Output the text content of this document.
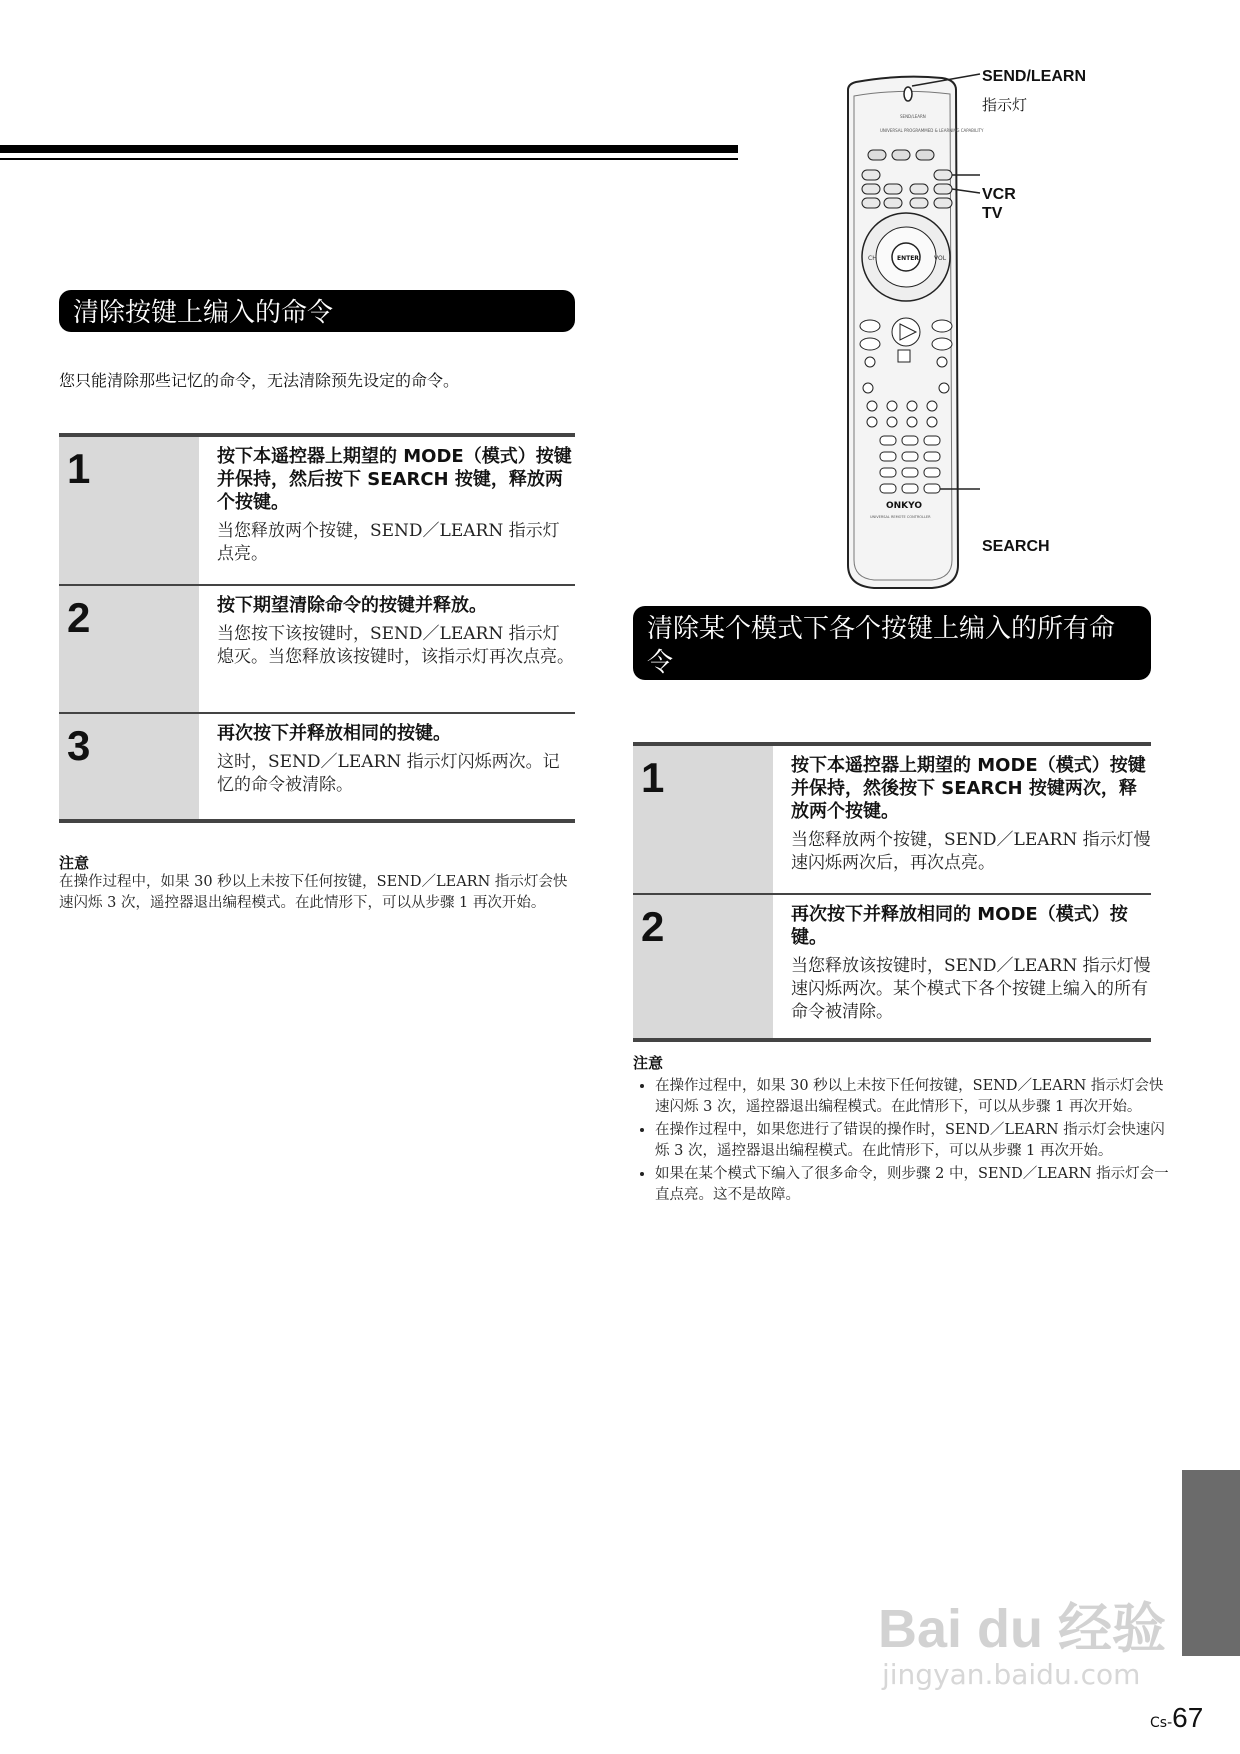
清除按键上编入的命令
您只能清除那些记忆的命令，无法清除预先设定的命令。
1	按下本遥控器上期望的 MODE（模式）按键并保持，然后按下 SEARCH 按键，释放两个按键。
当您释放两个按键，SEND／LEARN 指示灯点亮。

2	按下期望清除命令的按键并释放。
当您按下该按键时，SEND／LEARN 指示灯熄灭。当您释放该按键时，该指示灯再次点亮。

3	再次按下并释放相同的按键。
这时，SEND／LEARN 指示灯闪烁两次。记忆的命令被清除。
注意
在操作过程中，如果 30 秒以上未按下任何按键，SEND／LEARN 指示灯会快速闪烁 3 次，遥控器退出编程模式。在此情形下，可以从步骤 1 再次开始。
SEND/LEARN
UNIVERSAL PROGRAMMED & LEARNING CAPABILITY
ENTER
CH	VOL
ONKYO
UNIVERSAL REMOTE CONTROLLER
SEND/LEARN
指示灯
VCR
TV
SEARCH
清除某个模式下各个按键上编入的所有命令
1	按下本遥控器上期望的 MODE（模式）按键并保持，然後按下 SEARCH 按键两次，释放两个按键。
当您释放两个按键，SEND／LEARN 指示灯慢速闪烁两次后，再次点亮。

2	再次按下并释放相同的 MODE（模式）按键。
当您释放该按键时，SEND／LEARN 指示灯慢速闪烁两次。某个模式下各个按键上编入的所有命令被清除。
注意
• 在操作过程中，如果 30 秒以上未按下任何按键，SEND／LEARN 指示灯会快速闪烁 3 次，遥控器退出编程模式。在此情形下，可以从步骤 1 再次开始。
• 在操作过程中，如果您进行了错误的操作时，SEND／LEARN 指示灯会快速闪烁 3 次，遥控器退出编程模式。在此情形下，可以从步骤 1 再次开始。
• 如果在某个模式下编入了很多命令，则步骤 2 中，SEND／LEARN 指示灯会一直点亮。这不是故障。
Bai du 经验
jingyan.baidu.com
Cs-67
